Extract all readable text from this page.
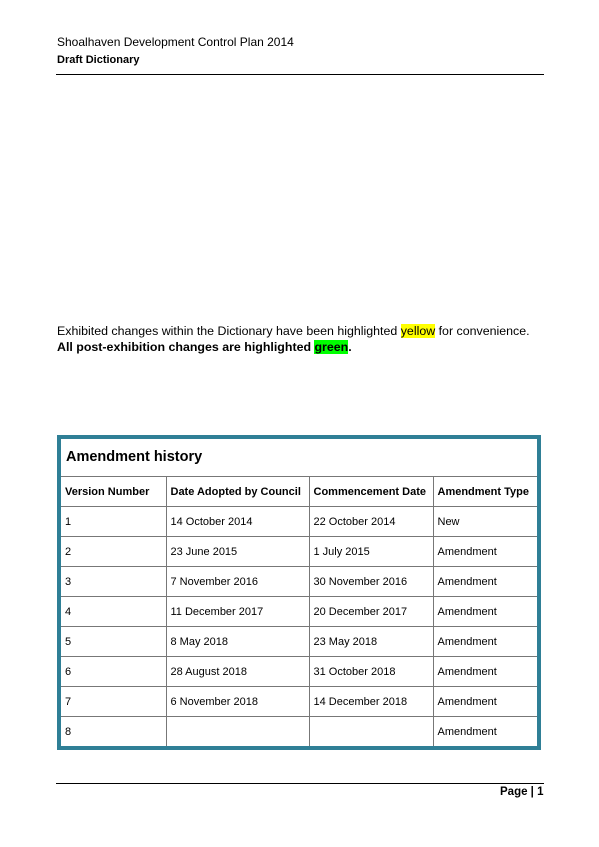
Shoalhaven Development Control Plan 2014
Draft Dictionary
Exhibited changes within the Dictionary have been highlighted yellow for convenience.
All post-exhibition changes are highlighted green.
Amendment history
Version Number	Date Adopted by Council	Commencement Date	Amendment Type
1	14 October 2014	22 October 2014	New
2	23 June 2015	1 July 2015	Amendment
3	7 November 2016	30 November 2016	Amendment
4	11 December 2017	20 December 2017	Amendment
5	8 May 2018	23 May 2018	Amendment
6	28 August 2018	31 October 2018	Amendment
7	6 November 2018	14 December 2018	Amendment
8			Amendment
Page | 1
